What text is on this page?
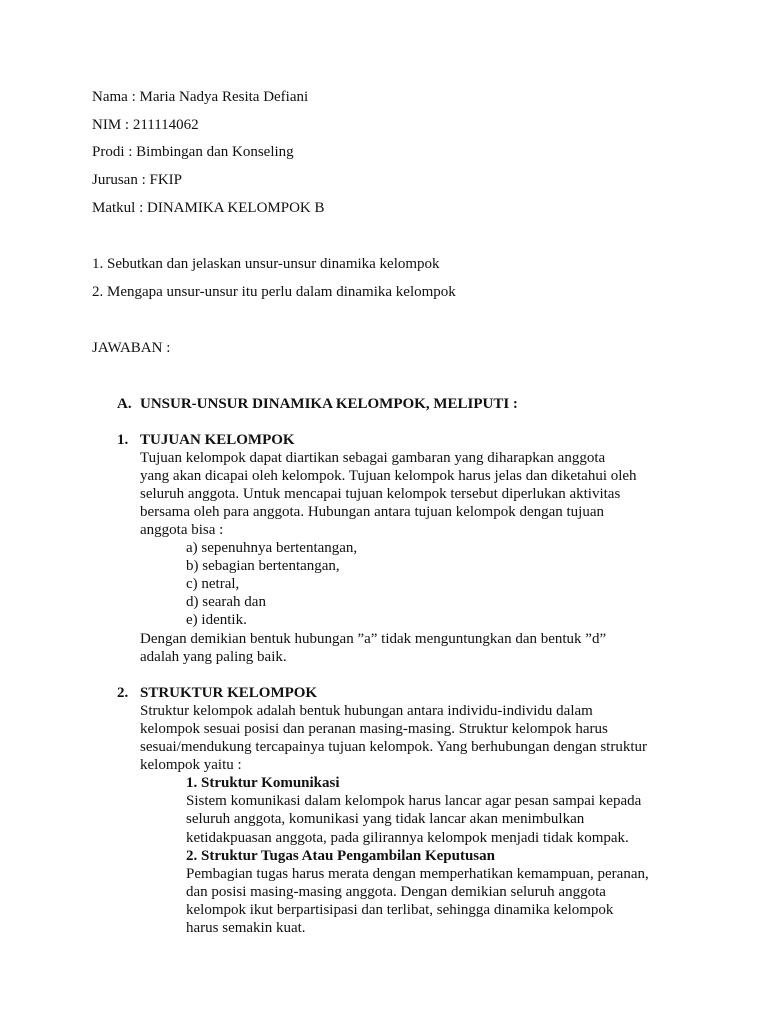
Nama : Maria Nadya Resita Defiani
NIM : 211114062
Prodi : Bimbingan dan Konseling
Jurusan : FKIP
Matkul : DINAMIKA KELOMPOK B
1. Sebutkan dan jelaskan unsur-unsur dinamika kelompok
2. Mengapa unsur-unsur itu perlu dalam dinamika kelompok
JAWABAN :
A. UNSUR-UNSUR DINAMIKA KELOMPOK, MELIPUTI :
1. TUJUAN KELOMPOK
Tujuan kelompok dapat diartikan sebagai gambaran yang diharapkan anggota
yang akan dicapai oleh kelompok. Tujuan kelompok harus jelas dan diketahui oleh
seluruh anggota. Untuk mencapai tujuan kelompok tersebut diperlukan aktivitas
bersama oleh para anggota. Hubungan antara tujuan kelompok dengan tujuan
anggota bisa :
a) sepenuhnya bertentangan,
b) sebagian bertentangan,
c) netral,
d) searah dan
e) identik.
Dengan demikian bentuk hubungan ”a” tidak menguntungkan dan bentuk ”d”
adalah yang paling baik.
2. STRUKTUR KELOMPOK
Struktur kelompok adalah bentuk hubungan antara individu-individu dalam
kelompok sesuai posisi dan peranan masing-masing. Struktur kelompok harus
sesuai/mendukung tercapainya tujuan kelompok. Yang berhubungan dengan struktur
kelompok yaitu :
1. Struktur Komunikasi
Sistem komunikasi dalam kelompok harus lancar agar pesan sampai kepada
seluruh anggota, komunikasi yang tidak lancar akan menimbulkan
ketidakpuasan anggota, pada gilirannya kelompok menjadi tidak kompak.
2. Struktur Tugas Atau Pengambilan Keputusan
Pembagian tugas harus merata dengan memperhatikan kemampuan, peranan,
dan posisi masing-masing anggota. Dengan demikian seluruh anggota
kelompok ikut berpartisipasi dan terlibat, sehingga dinamika kelompok
harus semakin kuat.
